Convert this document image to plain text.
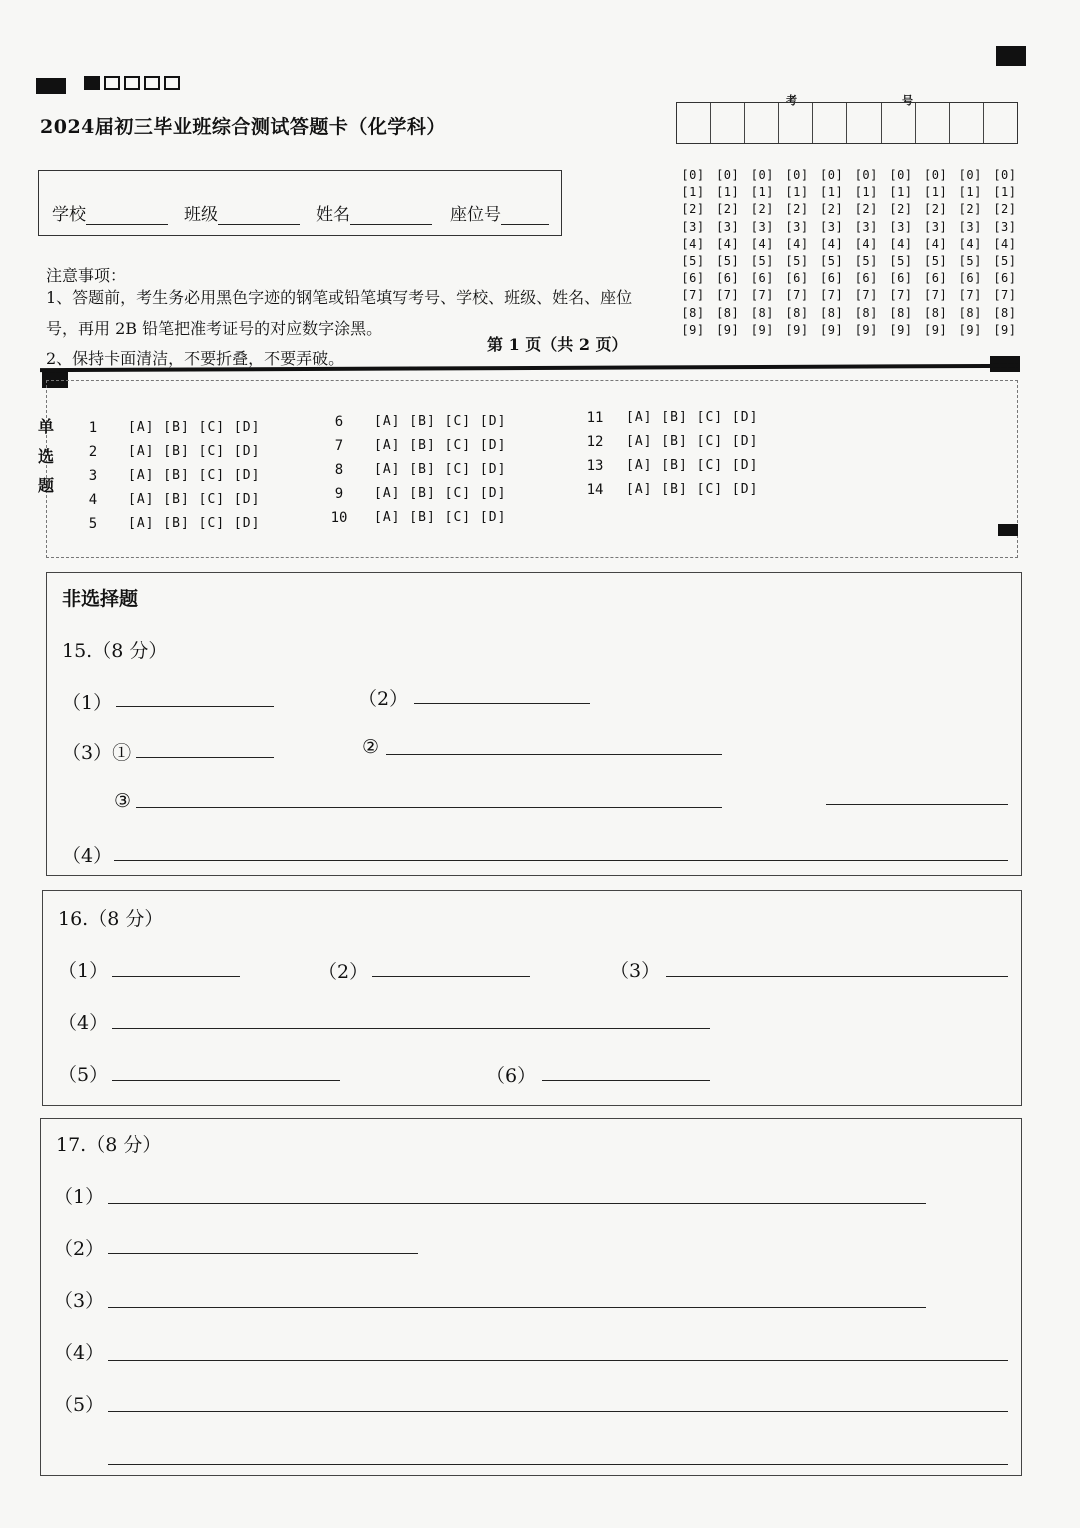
2024届初三毕业班综合测试答题卡（化学科）
学校	班级	姓名	座位号
考	号
[0] [0] [0] [0] [0] [0] [0] [0] [0] [0]
[1] [1] [1] [1] [1] [1] [1] [1] [1] [1]
[2] [2] [2] [2] [2] [2] [2] [2] [2] [2]
[3] [3] [3] [3] [3] [3] [3] [3] [3] [3]
[4] [4] [4] [4] [4] [4] [4] [4] [4] [4]
[5] [5] [5] [5] [5] [5] [5] [5] [5] [5]
[6] [6] [6] [6] [6] [6] [6] [6] [6] [6]
[7] [7] [7] [7] [7] [7] [7] [7] [7] [7]
[8] [8] [8] [8] [8] [8] [8] [8] [8] [8]
[9] [9] [9] [9] [9] [9] [9] [9] [9] [9]
注意事项：
1、答题前，考生务必用黑色字迹的钢笔或铅笔填写考号、学校、班级、姓名、座位
号，再用 2B 铅笔把准考证号的对应数字涂黑。
2、保持卡面清洁，不要折叠，不要弄破。
第 1 页（共 2 页）
单
选
题
1	[A] [B] [C] [D]
2	[A] [B] [C] [D]
3	[A] [B] [C] [D]
4	[A] [B] [C] [D]
5	[A] [B] [C] [D]
6	[A] [B] [C] [D]
7	[A] [B] [C] [D]
8	[A] [B] [C] [D]
9	[A] [B] [C] [D]
10 [A] [B] [C] [D]
11 [A] [B] [C] [D]
12 [A] [B] [C] [D]
13 [A] [B] [C] [D]
14 [A] [B] [C] [D]
非选择题
15.（8 分）
（1）	（2）
（3）①	②
③
（4）
16.（8 分）
（1）	（2）	（3）
（4）
（5）	（6）
17.（8 分）
（1）
（2）
（3）
（4）
（5）
